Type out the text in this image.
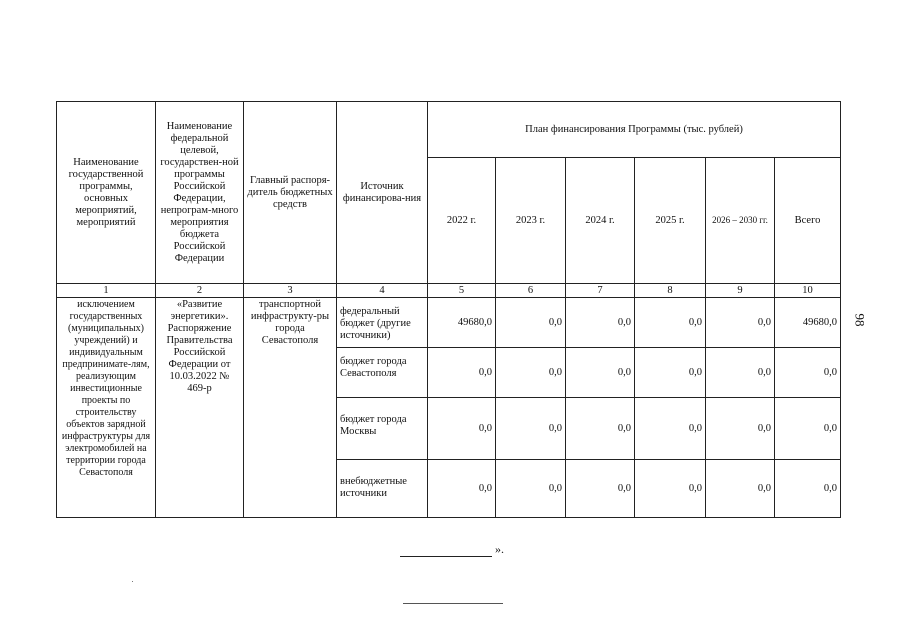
Наименование государственной программы, основных мероприятий, мероприятий	Наименование федеральной целевой, государствен-ной программы Российской Федерации, непрограм-много мероприятия бюджета Российской Федерации	Главный распоря-дитель бюджетных средств	Источник финансирова-ния	План финансирования Программы (тыс. рублей)					
				2022 г.	2023 г.	2024 г.	2025 г.	2026 – 2030 гг.	Всего
1	2	3	4	5	6	7	8	9	10
исключением государственных (муниципальных) учреждений) и индивидуальным предпринимате-лям, реализующим инвестиционные проекты по строительству объектов зарядной инфраструктуры для электромобилей на территории города Севастополя	«Развитие энергетики». Распоряжение Правительства Российской Федерации от 10.03.2022 № 469-р	транспортной инфраструкту-ры города Севастополя	федеральный бюджет (другие источники)	49680,0	0,0	0,0	0,0	0,0	49680,0
			бюджет города Севастополя	0,0	0,0	0,0	0,0	0,0	0,0
			бюджет города Москвы	0,0	0,0	0,0	0,0	0,0	0,0
			внебюджетные источники	0,0	0,0	0,0	0,0	0,0	0,0
98
».
